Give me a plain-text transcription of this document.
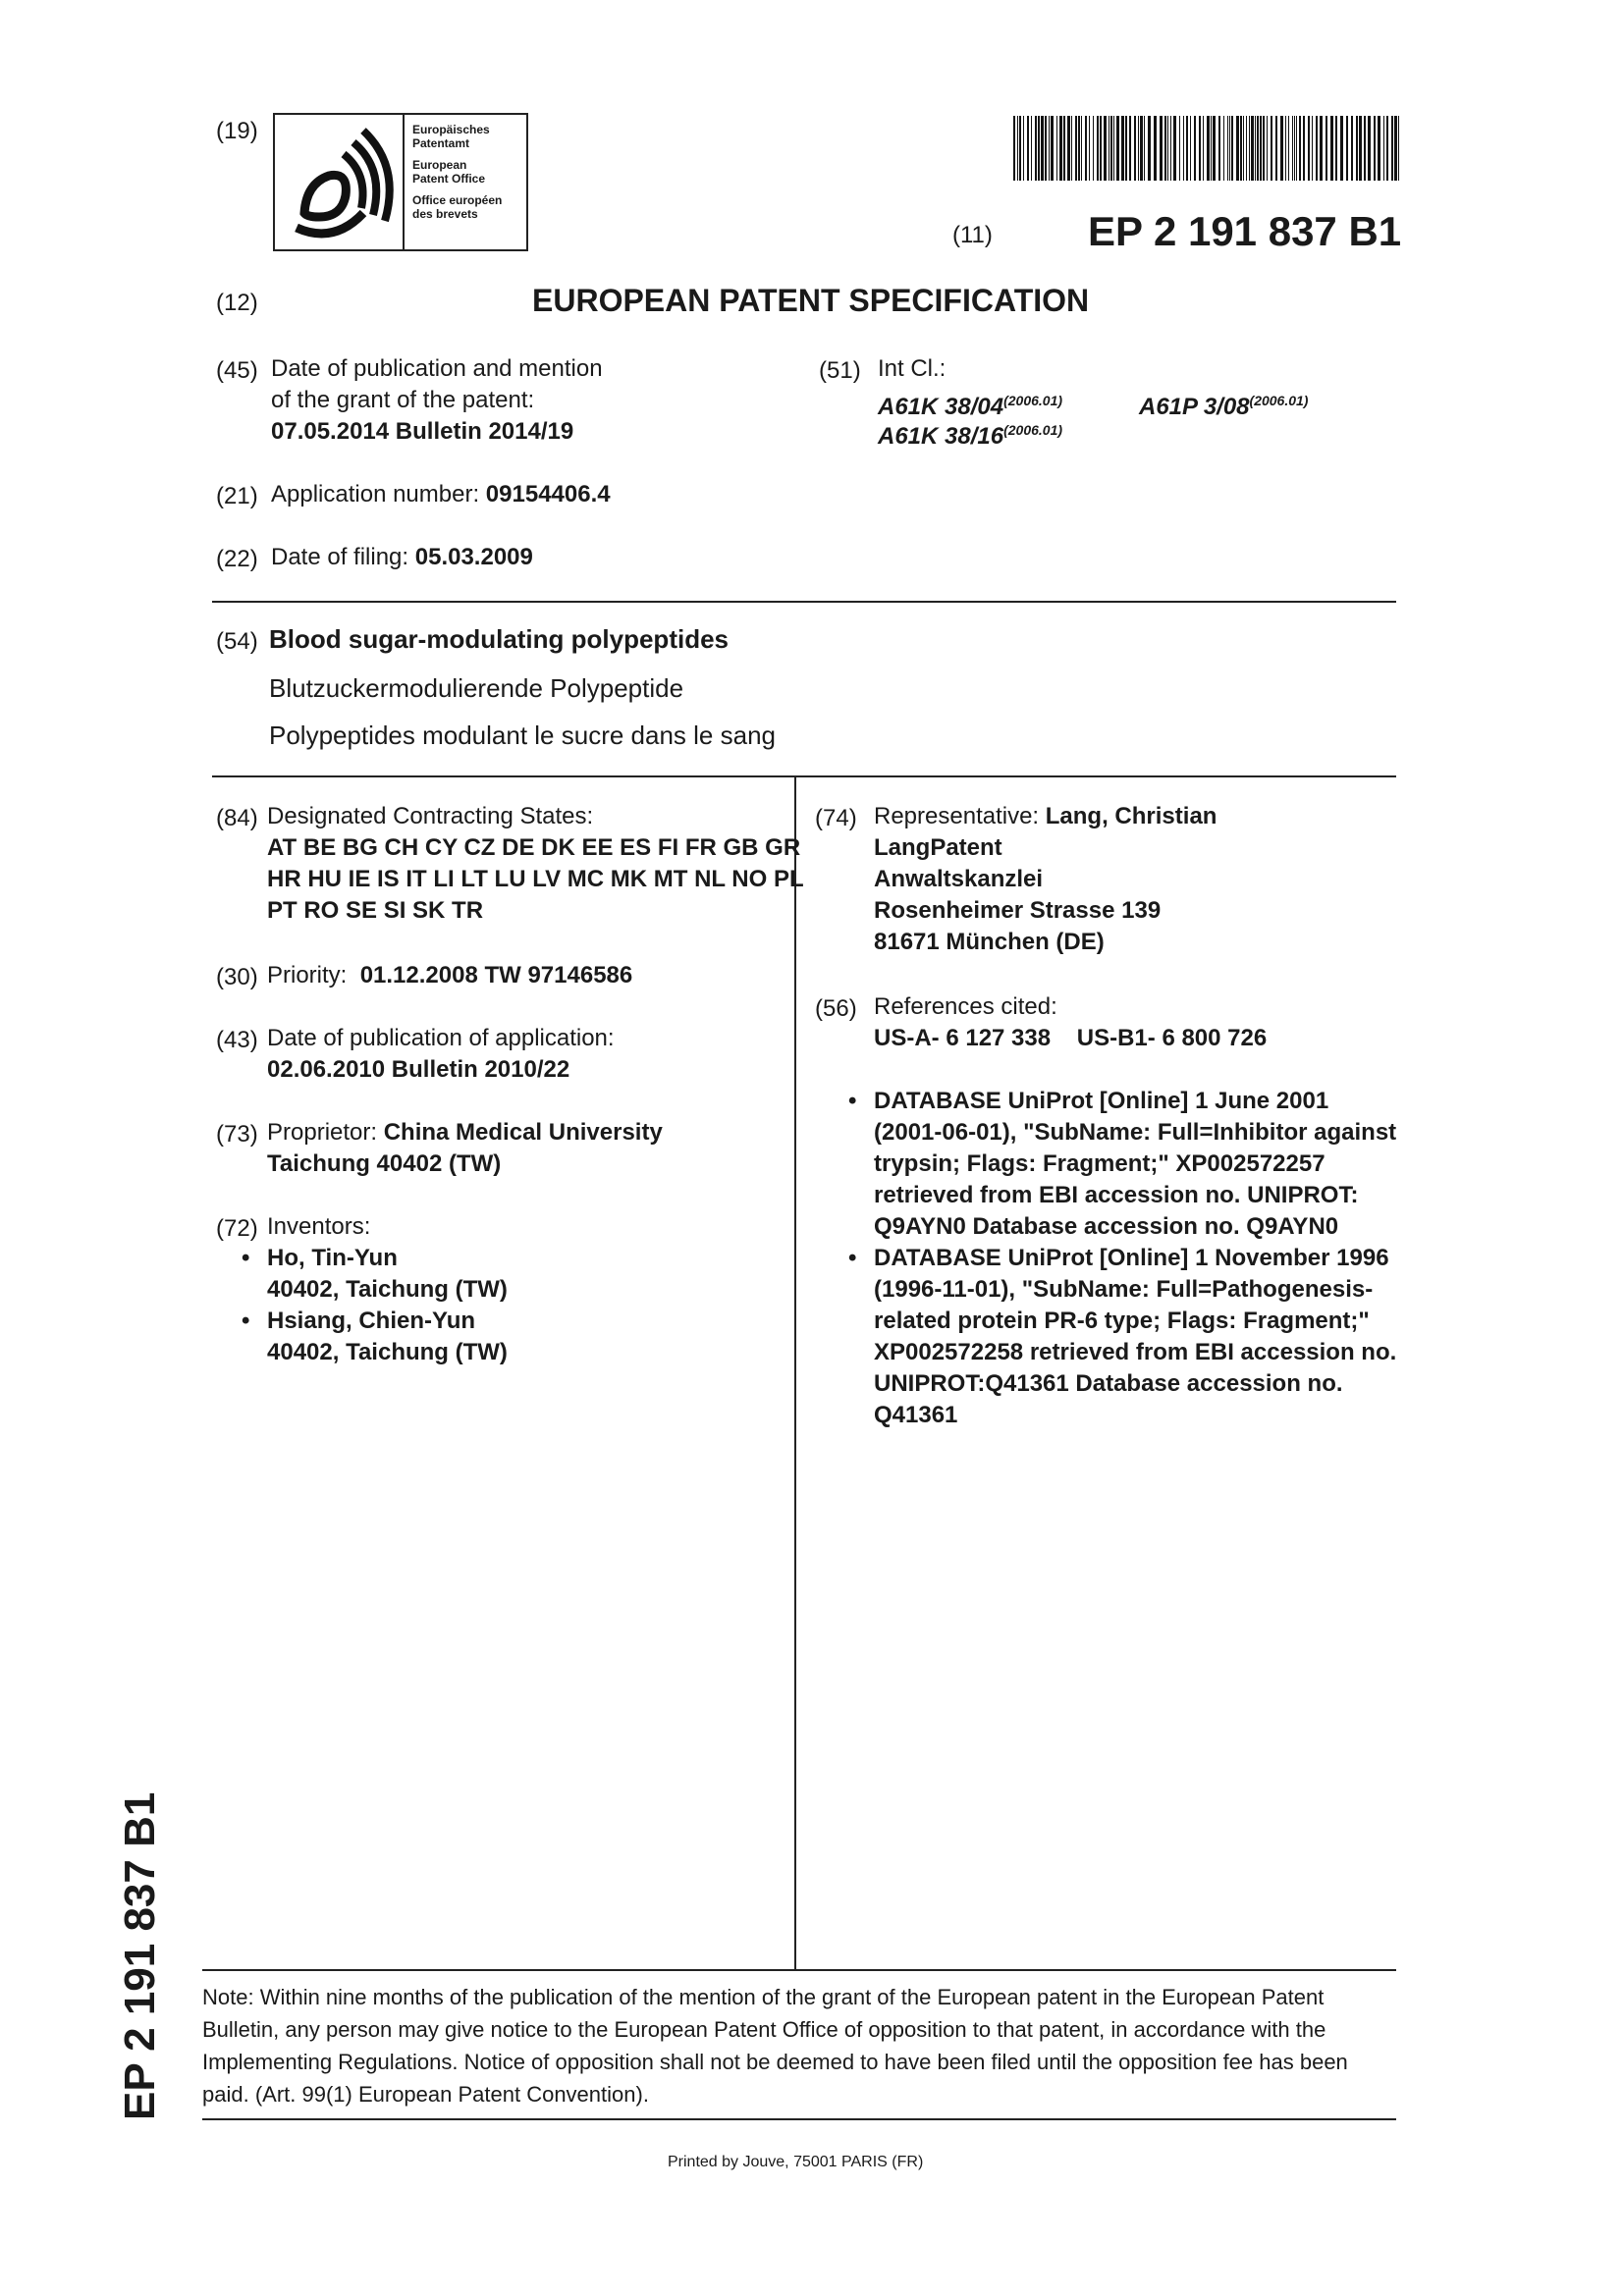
(19)	Europäisches
Patentamt
European
Patent Office
Office européen
des brevets
(11) EP 2 191 837 B1
(12)	EUROPEAN PATENT SPECIFICATION
(45) Date of publication and mention
of the grant of the patent:
07.05.2014 Bulletin 2014/19
(51) Int Cl.:
A61K $38/04^{(2006.01)}$	A61P $3/08^{(2006.01)}$
A61K $38/16^{(2006.01)}$
(21) Application number: 09154406.4
(22) Date of filing: 05.03.2009
(54) Blood sugar-modulating polypeptides
Blutzuckermodulierende Polypeptide
Polypeptides modulant le sucre dans le sang
(84) Designated Contracting States:
AT BE BG CH CY CZ DE DK EE ES FI FR GB GR
HR HU IE IS IT LI LT LU LV MC MK MT NL NO PL
PT RO SE SI SK TR
(30) Priority: 01.12.2008 TW 97146586
(43) Date of publication of application:
02.06.2010 Bulletin 2010/22
(73) Proprietor: China Medical University
Taichung 40402 (TW)
(72) Inventors:
• Ho, Tin-Yun
40402, Taichung (TW)
• Hsiang, Chien-Yun
40402, Taichung (TW)
(74) Representative: Lang, Christian
LangPatent
Anwaltskanzlei
Rosenheimer Strasse 139
81671 München (DE)
(56) References cited:
US-A- 6 127 338 US-B1- 6 800 726
• DATABASE UniProt [Online] 1 June 2001
(2001-06-01), "SubName: Full=Inhibitor against
trypsin; Flags: Fragment;" XP002572257
retrieved from EBI accession no. UNIPROT:
Q9AYN0 Database accession no. Q9AYN0
• DATABASE UniProt [Online] 1 November 1996
(1996-11-01), "SubName: Full=Pathogenesis-
related protein PR-6 type; Flags: Fragment;"
XP002572258 retrieved from EBI accession no.
UNIPROT:Q41361 Database accession no.
Q41361
EP 2 191 837 B1 Note: Within nine months of the publication of the mention of the grant of the European patent in the European Patent
Bulletin, any person may give notice to the European Patent Office of opposition to that patent, in accordance with the
Implementing Regulations. Notice of opposition shall not be deemed to have been filed until the opposition fee has been
paid. (Art. 99(1) European Patent Convention).
Printed by Jouve, 75001 PARIS (FR)
